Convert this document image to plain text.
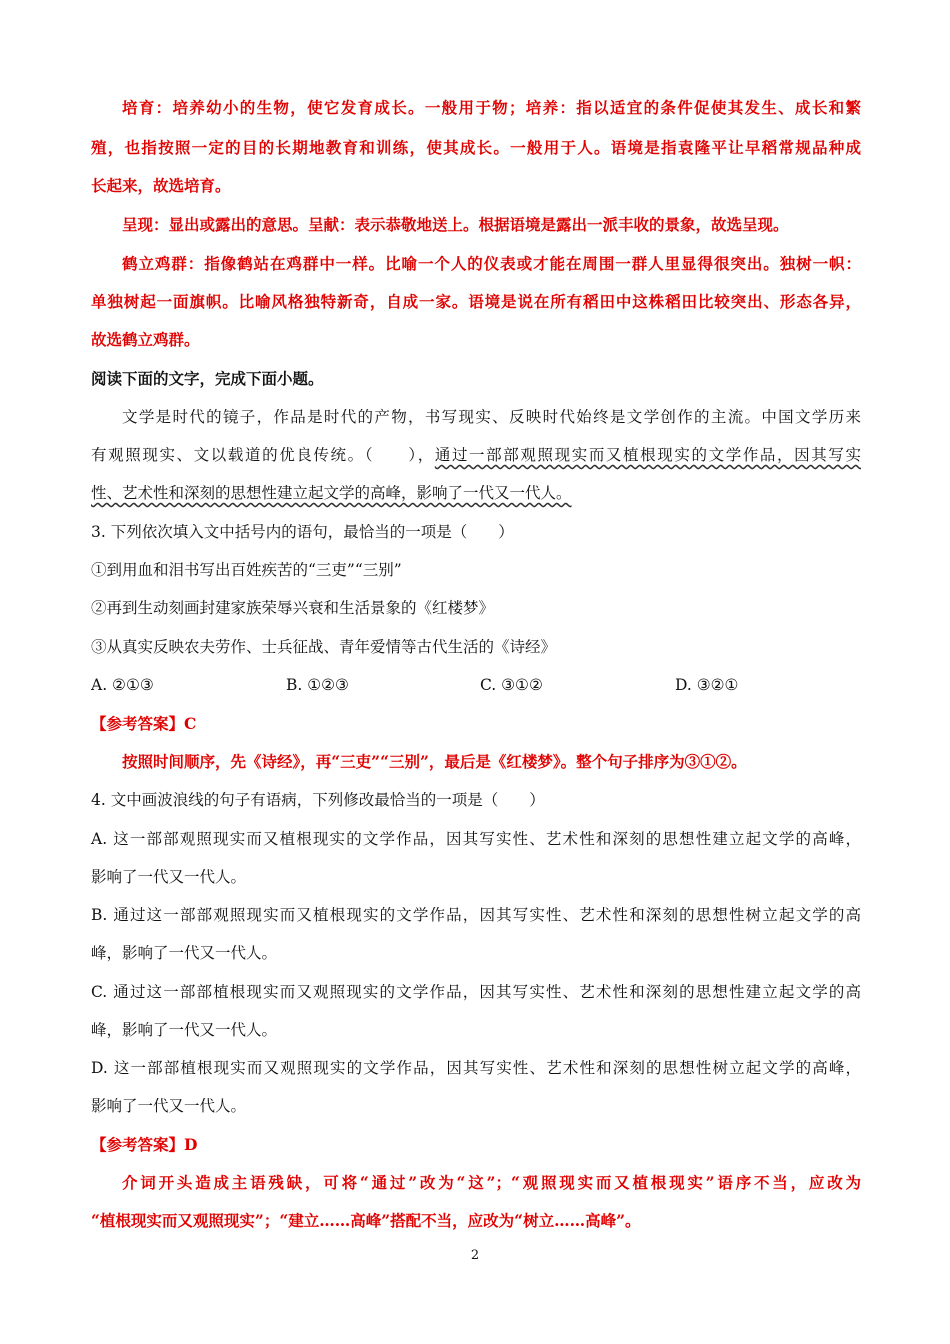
培育：培养幼小的生物，使它发育成长。一般用于物；培养：指以适宜的条件促使其发生、成长和繁
殖，也指按照一定的目的长期地教育和训练，使其成长。一般用于人。语境是指袁隆平让早稻常规品种成
长起来，故选培育。
呈现：显出或露出的意思。呈献：表示恭敬地送上。根据语境是露出一派丰收的景象，故选呈现。
鹤立鸡群：指像鹤站在鸡群中一样。比喻一个人的仪表或才能在周围一群人里显得很突出。独树一帜：
单独树起一面旗帜。比喻风格独特新奇，自成一家。语境是说在所有稻田中这株稻田比较突出、形态各异，
故选鹤立鸡群。
阅读下面的文字，完成下面小题。
文学是时代的镜子，作品是时代的产物，书写现实、反映时代始终是文学创作的主流。中国文学历来
有观照现实、文以载道的优良传统。（　　），通过一部部观照现实而又植根现实的文学作品，因其写实
性、艺术性和深刻的思想性建立起文学的高峰，影响了一代又一代人。
3. 下列依次填入文中括号内的语句，最恰当的一项是（　　）
①到用血和泪书写出百姓疾苦的“三吏”“三别”
②再到生动刻画封建家族荣辱兴衰和生活景象的《红楼梦》
③从真实反映农夫劳作、士兵征战、青年爱情等古代生活的《诗经》
A. ②①③	B. ①②③	C. ③①②	D. ③②①
【参考答案】C
按照时间顺序，先《诗经》，再“三吏”“三别”，最后是《红楼梦》。整个句子排序为③①②。
4. 文中画波浪线的句子有语病，下列修改最恰当的一项是（　　）
A. 这一部部观照现实而又植根现实的文学作品，因其写实性、艺术性和深刻的思想性建立起文学的高峰，
影响了一代又一代人。
B. 通过这一部部观照现实而又植根现实的文学作品，因其写实性、艺术性和深刻的思想性树立起文学的高
峰，影响了一代又一代人。
C. 通过这一部部植根现实而又观照现实的文学作品，因其写实性、艺术性和深刻的思想性建立起文学的高
峰，影响了一代又一代人。
D. 这一部部植根现实而又观照现实的文学作品，因其写实性、艺术性和深刻的思想性树立起文学的高峰，
影响了一代又一代人。
【参考答案】D
介词开头造成主语残缺，可将“通过”改为“这”；“观照现实而又植根现实”语序不当，应改为
“植根现实而又观照现实”；“建立……高峰”搭配不当，应改为“树立……高峰”。
2
